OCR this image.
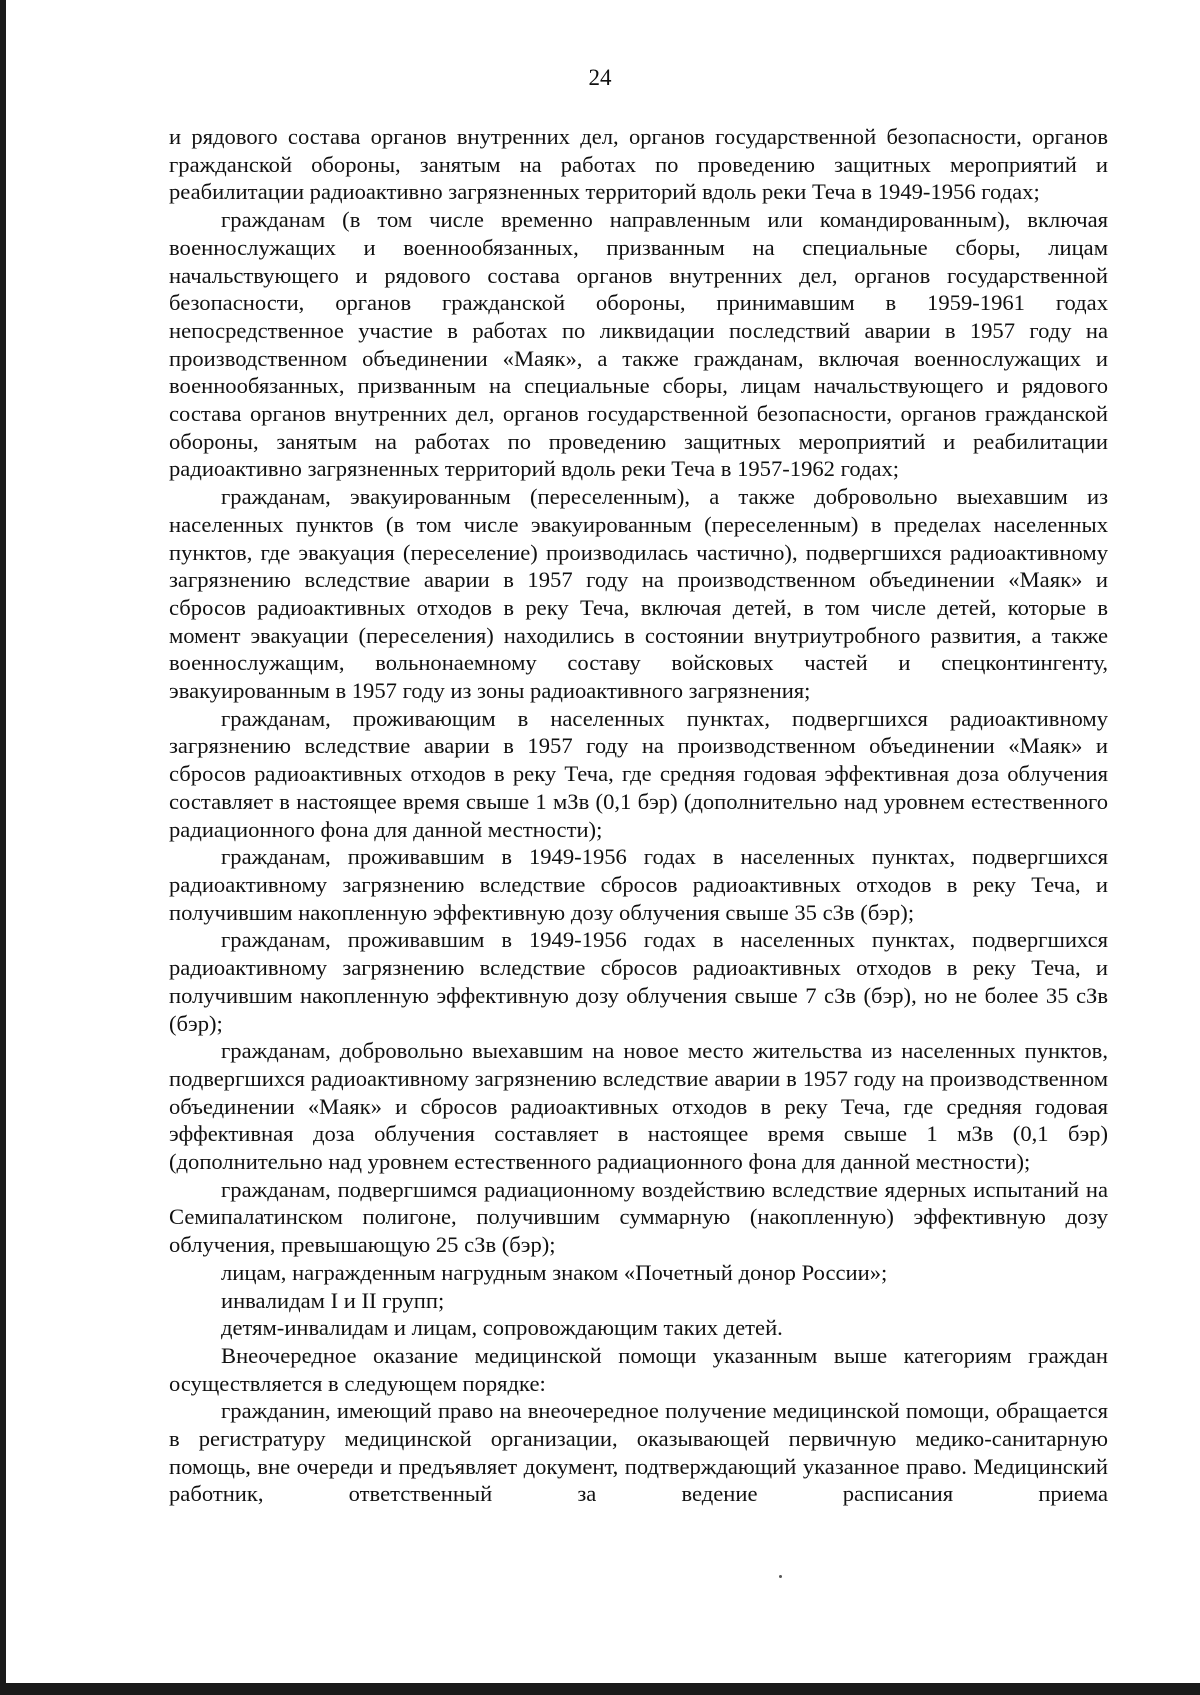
24

и рядового состава органов внутренних дел, органов государственной безопасности, органов гражданской обороны, занятым на работах по проведению защитных мероприятий и реабилитации радиоактивно загрязненных территорий вдоль реки Теча в 1949-1956 годах;

гражданам (в том числе временно направленным или командированным), включая военнослужащих и военнообязанных, призванным на специальные сборы, лицам начальствующего и рядового состава органов внутренних дел, органов государственной безопасности, органов гражданской обороны, принимавшим в 1959-1961 годах непосредственное участие в работах по ликвидации последствий аварии в 1957 году на производственном объединении «Маяк», а также гражданам, включая военнослужащих и военнообязанных, призванным на специальные сборы, лицам начальствующего и рядового состава органов внутренних дел, органов государственной безопасности, органов гражданской обороны, занятым на работах по проведению защитных мероприятий и реабилитации радиоактивно загрязненных территорий вдоль реки Теча в 1957-1962 годах;

гражданам, эвакуированным (переселенным), а также добровольно выехавшим из населенных пунктов (в том числе эвакуированным (переселенным) в пределах населенных пунктов, где эвакуация (переселение) производилась частично), подвергшихся радиоактивному загрязнению вследствие аварии в 1957 году на производственном объединении «Маяк» и сбросов радиоактивных отходов в реку Теча, включая детей, в том числе детей, которые в момент эвакуации (переселения) находились в состоянии внутриутробного развития, а также военнослужащим, вольнонаемному составу войсковых частей и спецконтингенту, эвакуированным в 1957 году из зоны радиоактивного загрязнения;

гражданам, проживающим в населенных пунктах, подвергшихся радиоактивному загрязнению вследствие аварии в 1957 году на производственном объединении «Маяк» и сбросов радиоактивных отходов в реку Теча, где средняя годовая эффективная доза облучения составляет в настоящее время свыше 1 мЗв (0,1 бэр) (дополнительно над уровнем естественного радиационного фона для данной местности);

гражданам, проживавшим в 1949-1956 годах в населенных пунктах, подвергшихся радиоактивному загрязнению вследствие сбросов радиоактивных отходов в реку Теча, и получившим накопленную эффективную дозу облучения свыше 35 сЗв (бэр);

гражданам, проживавшим в 1949-1956 годах в населенных пунктах, подвергшихся радиоактивному загрязнению вследствие сбросов радиоактивных отходов в реку Теча, и получившим накопленную эффективную дозу облучения свыше 7 сЗв (бэр), но не более 35 сЗв (бэр);

гражданам, добровольно выехавшим на новое место жительства из населенных пунктов, подвергшихся радиоактивному загрязнению вследствие аварии в 1957 году на производственном объединении «Маяк» и сбросов радиоактивных отходов в реку Теча, где средняя годовая эффективная доза облучения составляет в настоящее время свыше 1 мЗв (0,1 бэр) (дополнительно над уровнем естественного радиационного фона для данной местности);

гражданам, подвергшимся радиационному воздействию вследствие ядерных испытаний на Семипалатинском полигоне, получившим суммарную (накопленную) эффективную дозу облучения, превышающую 25 сЗв (бэр);

лицам, награжденным нагрудным знаком «Почетный донор России»;

инвалидам I и II групп;

детям-инвалидам и лицам, сопровождающим таких детей.

Внеочередное оказание медицинской помощи указанным выше категориям граждан осуществляется в следующем порядке:

гражданин, имеющий право на внеочередное получение медицинской помощи, обращается в регистратуру медицинской организации, оказывающей первичную медико-санитарную помощь, вне очереди и предъявляет документ, подтверждающий указанное право. Медицинский работник, ответственный за ведение расписания приема
